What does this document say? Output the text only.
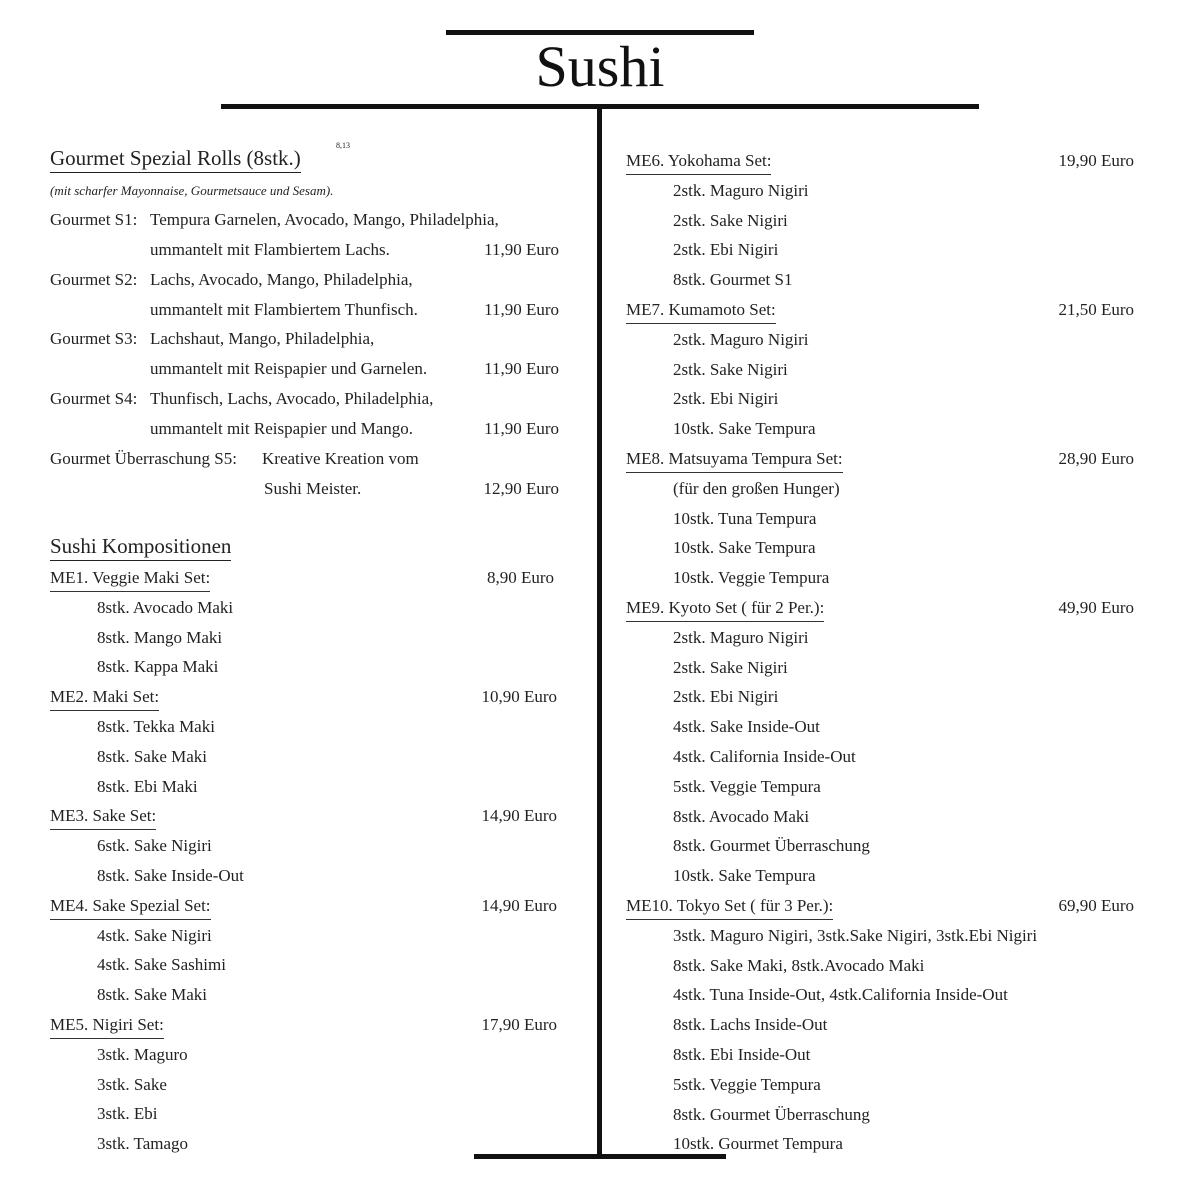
Sushi
Gourmet Spezial Rolls (8stk.)
8,13
(mit scharfer Mayonnaise, Gourmetsauce und Sesam).
Gourmet S1: Tempura Garnelen, Avocado, Mango, Philadelphia,
ummantelt mit Flambiertem Lachs.	11,90 Euro
Gourmet S2: Lachs, Avocado, Mango, Philadelphia,
ummantelt mit Flambiertem Thunfisch.	11,90 Euro
Gourmet S3: Lachshaut, Mango, Philadelphia,
ummantelt mit Reispapier und Garnelen.	11,90 Euro
Gourmet S4: Thunfisch, Lachs, Avocado, Philadelphia,
ummantelt mit Reispapier und Mango.	11,90 Euro
Gourmet Überraschung S5: Kreative Kreation vom
Sushi Meister.	12,90 Euro
Sushi Kompositionen
ME1. Veggie Maki Set:	8,90 Euro
8stk. Avocado Maki
8stk. Mango Maki
8stk. Kappa Maki
ME2. Maki Set:	10,90 Euro
8stk. Tekka Maki
8stk. Sake Maki
8stk. Ebi Maki
ME3. Sake Set:	14,90 Euro
6stk. Sake Nigiri
8stk. Sake Inside-Out
ME4. Sake Spezial Set:	14,90 Euro
4stk. Sake Nigiri
4stk. Sake Sashimi
8stk. Sake Maki
ME5. Nigiri Set:	17,90 Euro
3stk. Maguro
3stk. Sake
3stk. Ebi
3stk. Tamago
ME6. Yokohama Set:	19,90 Euro
2stk. Maguro Nigiri
2stk. Sake Nigiri
2stk. Ebi Nigiri
8stk. Gourmet S1
ME7. Kumamoto Set:	21,50 Euro
2stk. Maguro Nigiri
2stk. Sake Nigiri
2stk. Ebi Nigiri
10stk. Sake Tempura
ME8. Matsuyama Tempura Set:	28,90 Euro
(für den großen Hunger)
10stk. Tuna Tempura
10stk. Sake Tempura
10stk. Veggie Tempura
ME9. Kyoto Set ( für 2 Per.):	49,90 Euro
2stk. Maguro Nigiri
2stk. Sake Nigiri
2stk. Ebi Nigiri
4stk. Sake Inside-Out
4stk. California Inside-Out
5stk. Veggie Tempura
8stk. Avocado Maki
8stk. Gourmet Überraschung
10stk. Sake Tempura
ME10. Tokyo Set ( für 3 Per.):	69,90 Euro
3stk. Maguro Nigiri, 3stk.Sake Nigiri, 3stk.Ebi Nigiri
8stk. Sake Maki, 8stk.Avocado Maki
4stk. Tuna Inside-Out, 4stk.California Inside-Out
8stk. Lachs Inside-Out
8stk. Ebi Inside-Out
5stk. Veggie Tempura
8stk. Gourmet Überraschung
10stk. Gourmet Tempura
